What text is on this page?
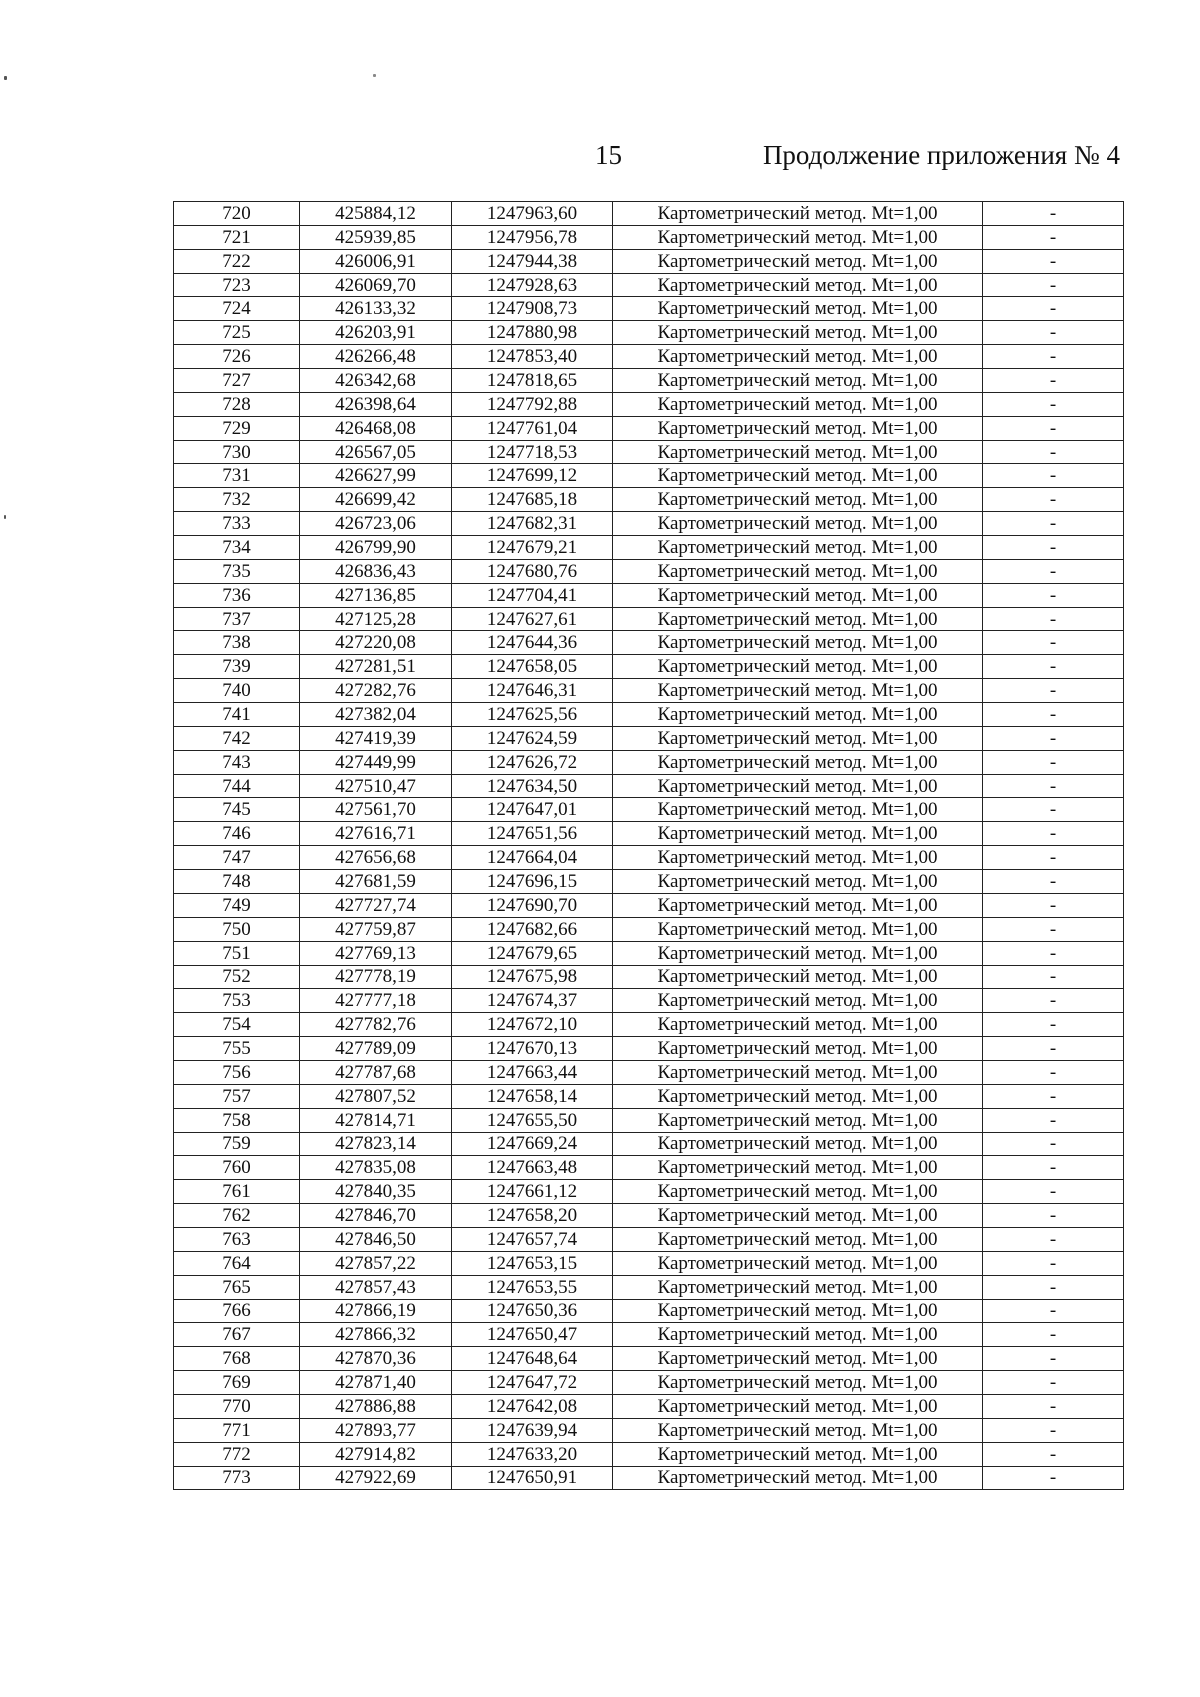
15	Продолжение приложения № 4
720	425884,12	1247963,60	Картометрический метод. Mt=1,00	-
721	425939,85	1247956,78	Картометрический метод. Mt=1,00	-
722	426006,91	1247944,38	Картометрический метод. Mt=1,00	-
723	426069,70	1247928,63	Картометрический метод. Mt=1,00	-
724	426133,32	1247908,73	Картометрический метод. Mt=1,00	-
725	426203,91	1247880,98	Картометрический метод. Mt=1,00	-
726	426266,48	1247853,40	Картометрический метод. Mt=1,00	-
727	426342,68	1247818,65	Картометрический метод. Mt=1,00	-
728	426398,64	1247792,88	Картометрический метод. Mt=1,00	-
729	426468,08	1247761,04	Картометрический метод. Mt=1,00	-
730	426567,05	1247718,53	Картометрический метод. Mt=1,00	-
731	426627,99	1247699,12	Картометрический метод. Mt=1,00	-
732	426699,42	1247685,18	Картометрический метод. Mt=1,00	-
733	426723,06	1247682,31	Картометрический метод. Mt=1,00	-
734	426799,90	1247679,21	Картометрический метод. Mt=1,00	-
735	426836,43	1247680,76	Картометрический метод. Mt=1,00	-
736	427136,85	1247704,41	Картометрический метод. Mt=1,00	-
737	427125,28	1247627,61	Картометрический метод. Mt=1,00	-
738	427220,08	1247644,36	Картометрический метод. Mt=1,00	-
739	427281,51	1247658,05	Картометрический метод. Mt=1,00	-
740	427282,76	1247646,31	Картометрический метод. Mt=1,00	-
741	427382,04	1247625,56	Картометрический метод. Mt=1,00	-
742	427419,39	1247624,59	Картометрический метод. Mt=1,00	-
743	427449,99	1247626,72	Картометрический метод. Mt=1,00	-
744	427510,47	1247634,50	Картометрический метод. Mt=1,00	-
745	427561,70	1247647,01	Картометрический метод. Mt=1,00	-
746	427616,71	1247651,56	Картометрический метод. Mt=1,00	-
747	427656,68	1247664,04	Картометрический метод. Mt=1,00	-
748	427681,59	1247696,15	Картометрический метод. Mt=1,00	-
749	427727,74	1247690,70	Картометрический метод. Mt=1,00	-
750	427759,87	1247682,66	Картометрический метод. Mt=1,00	-
751	427769,13	1247679,65	Картометрический метод. Mt=1,00	-
752	427778,19	1247675,98	Картометрический метод. Mt=1,00	-
753	427777,18	1247674,37	Картометрический метод. Mt=1,00	-
754	427782,76	1247672,10	Картометрический метод. Mt=1,00	-
755	427789,09	1247670,13	Картометрический метод. Mt=1,00	-
756	427787,68	1247663,44	Картометрический метод. Mt=1,00	-
757	427807,52	1247658,14	Картометрический метод. Mt=1,00	-
758	427814,71	1247655,50	Картометрический метод. Mt=1,00	-
759	427823,14	1247669,24	Картометрический метод. Mt=1,00	-
760	427835,08	1247663,48	Картометрический метод. Mt=1,00	-
761	427840,35	1247661,12	Картометрический метод. Mt=1,00	-
762	427846,70	1247658,20	Картометрический метод. Mt=1,00	-
763	427846,50	1247657,74	Картометрический метод. Mt=1,00	-
764	427857,22	1247653,15	Картометрический метод. Mt=1,00	-
765	427857,43	1247653,55	Картометрический метод. Mt=1,00	-
766	427866,19	1247650,36	Картометрический метод. Mt=1,00	-
767	427866,32	1247650,47	Картометрический метод. Mt=1,00	-
768	427870,36	1247648,64	Картометрический метод. Mt=1,00	-
769	427871,40	1247647,72	Картометрический метод. Mt=1,00	-
770	427886,88	1247642,08	Картометрический метод. Mt=1,00	-
771	427893,77	1247639,94	Картометрический метод. Mt=1,00	-
772	427914,82	1247633,20	Картометрический метод. Mt=1,00	-
773	427922,69	1247650,91	Картометрический метод. Mt=1,00	-
